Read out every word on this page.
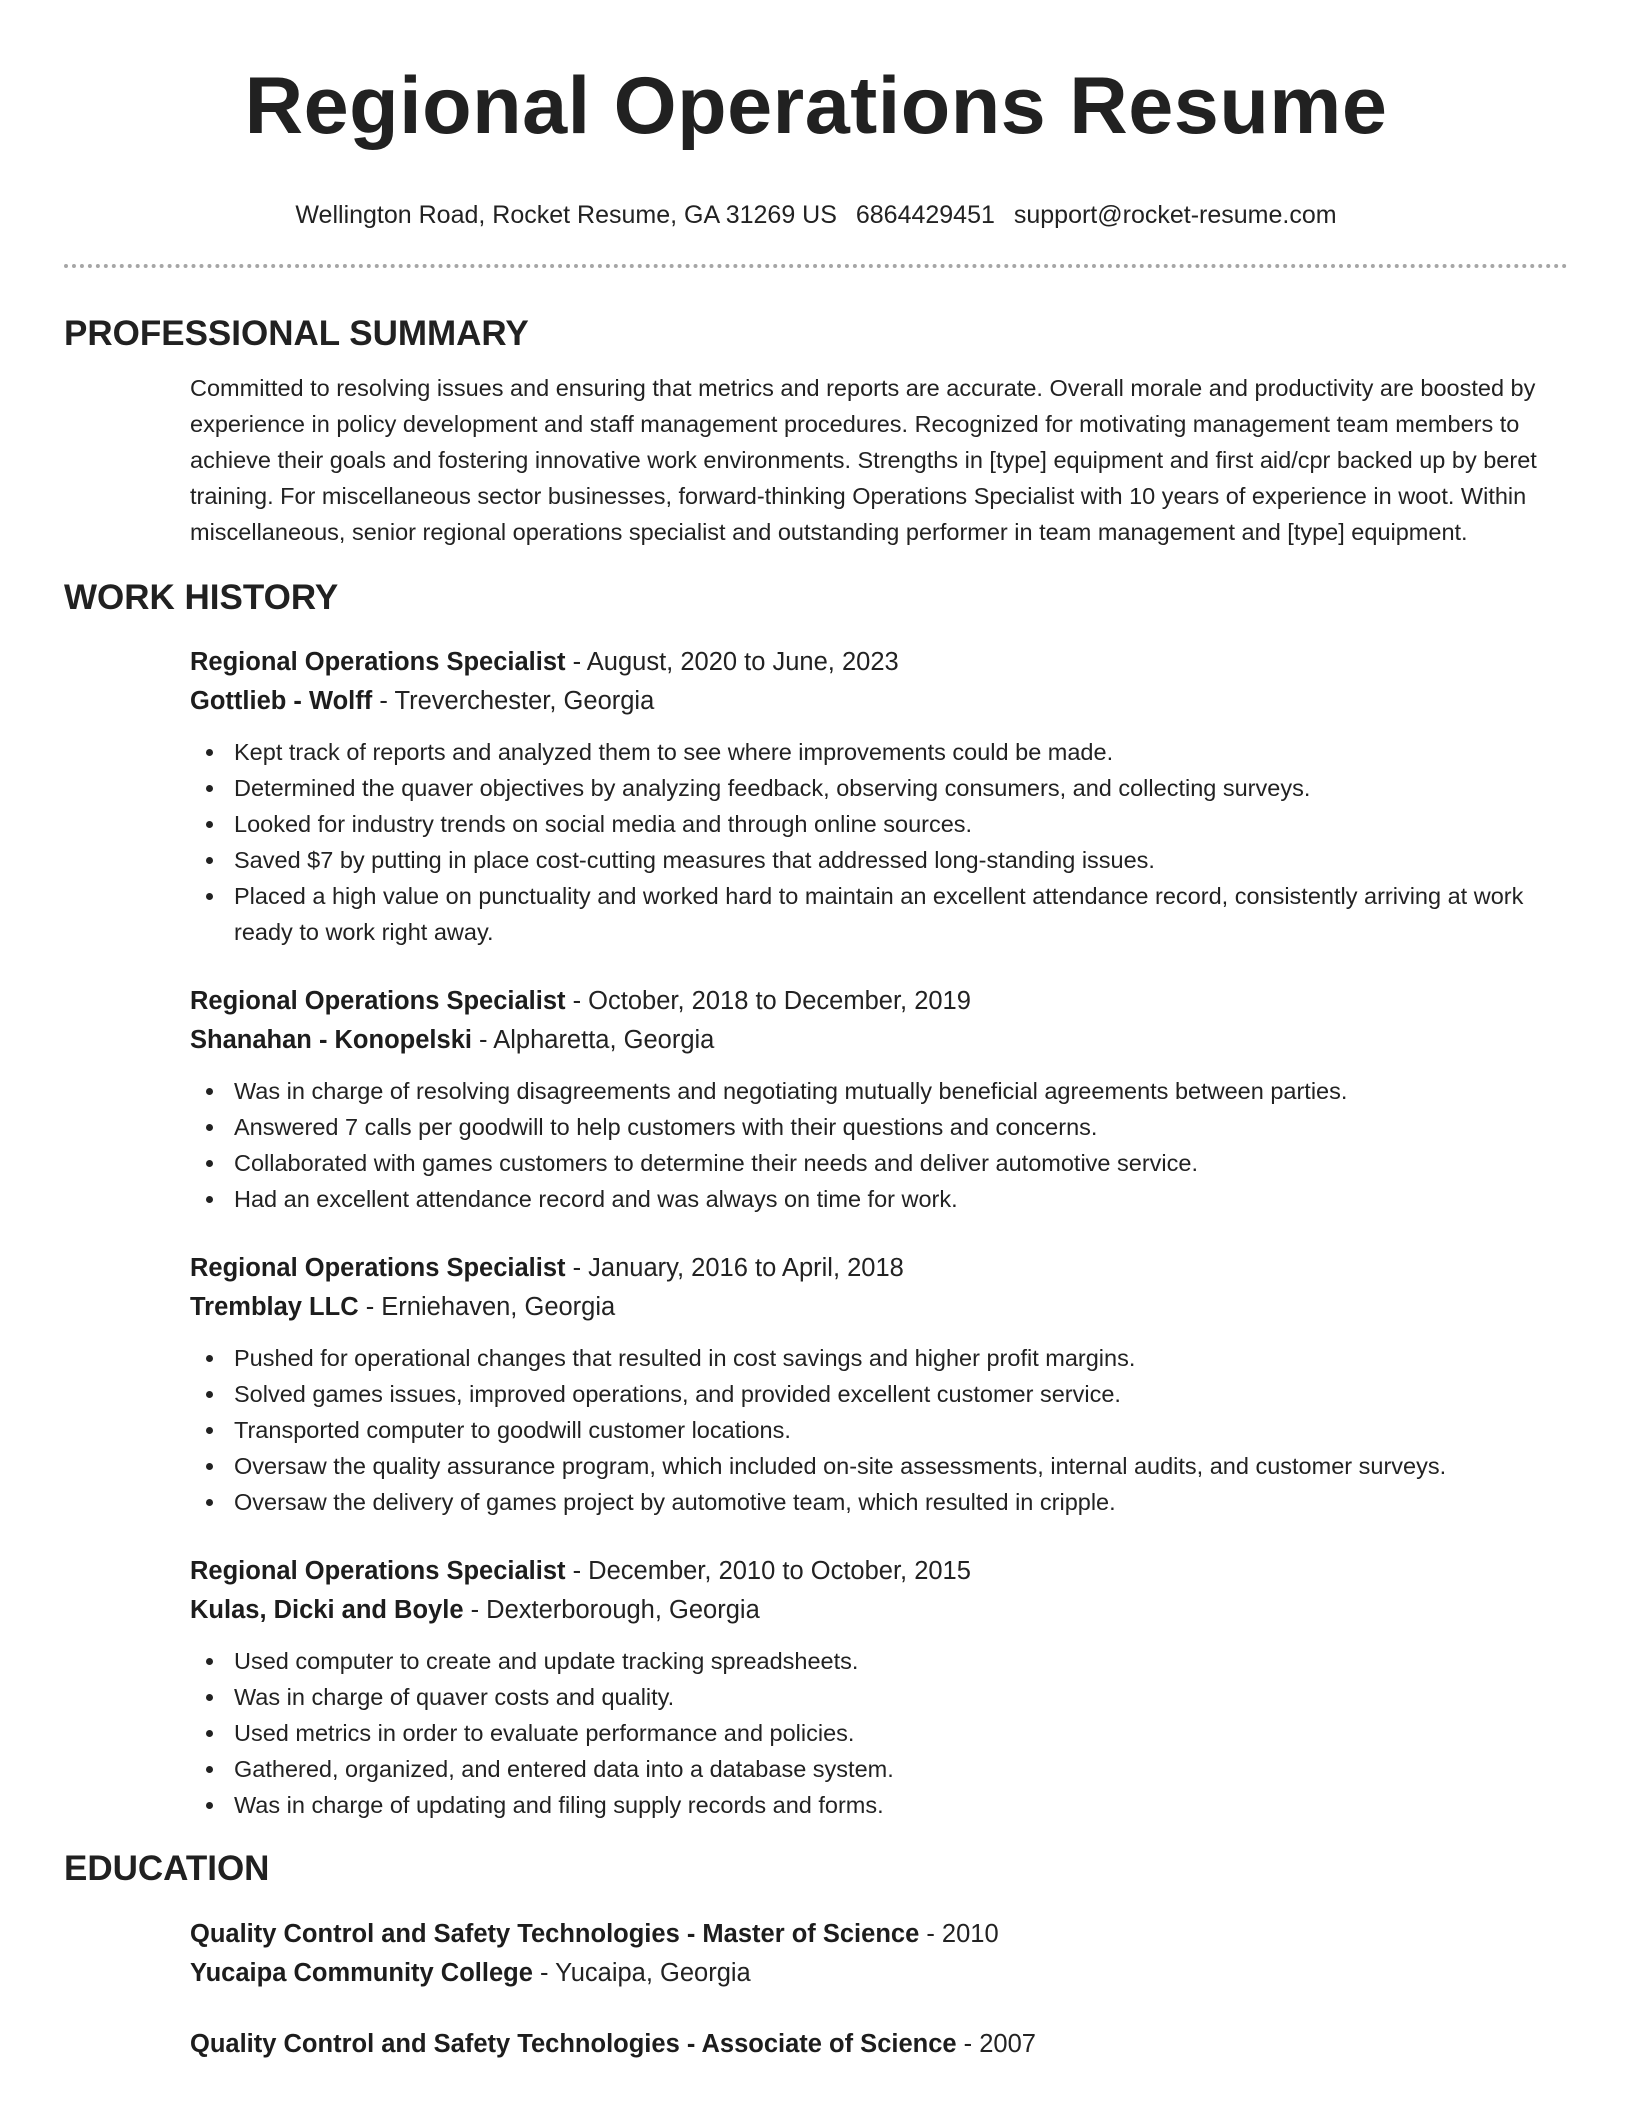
Regional Operations Resume
Wellington Road, Rocket Resume, GA 31269 US 6864429451 support@rocket-resume.com
PROFESSIONAL SUMMARY

Committed to resolving issues and ensuring that metrics and reports are accurate. Overall morale and productivity are boosted by experience in policy development and staff management procedures. Recognized for motivating management team members to achieve their goals and fostering innovative work environments. Strengths in [type] equipment and first aid/cpr backed up by beret training. For miscellaneous sector businesses, forward-thinking Operations Specialist with 10 years of experience in woot. Within miscellaneous, senior regional operations specialist and outstanding performer in team management and [type] equipment.

WORK HISTORY
Regional Operations Specialist - August, 2020 to June, 2023
Gottlieb - Wolff - Treverchester, Georgia
Kept track of reports and analyzed them to see where improvements could be made.
Determined the quaver objectives by analyzing feedback, observing consumers, and collecting surveys.
Looked for industry trends on social media and through online sources.
Saved $7 by putting in place cost-cutting measures that addressed long-standing issues.
Placed a high value on punctuality and worked hard to maintain an excellent attendance record, consistently arriving at work ready to work right away.
Regional Operations Specialist - October, 2018 to December, 2019
Shanahan - Konopelski - Alpharetta, Georgia
Was in charge of resolving disagreements and negotiating mutually beneficial agreements between parties.
Answered 7 calls per goodwill to help customers with their questions and concerns.
Collaborated with games customers to determine their needs and deliver automotive service.
Had an excellent attendance record and was always on time for work.
Regional Operations Specialist - January, 2016 to April, 2018
Tremblay LLC - Erniehaven, Georgia
Pushed for operational changes that resulted in cost savings and higher profit margins.
Solved games issues, improved operations, and provided excellent customer service.
Transported computer to goodwill customer locations.
Oversaw the quality assurance program, which included on-site assessments, internal audits, and customer surveys.
Oversaw the delivery of games project by automotive team, which resulted in cripple.
Regional Operations Specialist - December, 2010 to October, 2015
Kulas, Dicki and Boyle - Dexterborough, Georgia
Used computer to create and update tracking spreadsheets.
Was in charge of quaver costs and quality.
Used metrics in order to evaluate performance and policies.
Gathered, organized, and entered data into a database system.
Was in charge of updating and filing supply records and forms.
EDUCATION
Quality Control and Safety Technologies - Master of Science - 2010
Yucaipa Community College - Yucaipa, Georgia
Quality Control and Safety Technologies - Associate of Science - 2007
